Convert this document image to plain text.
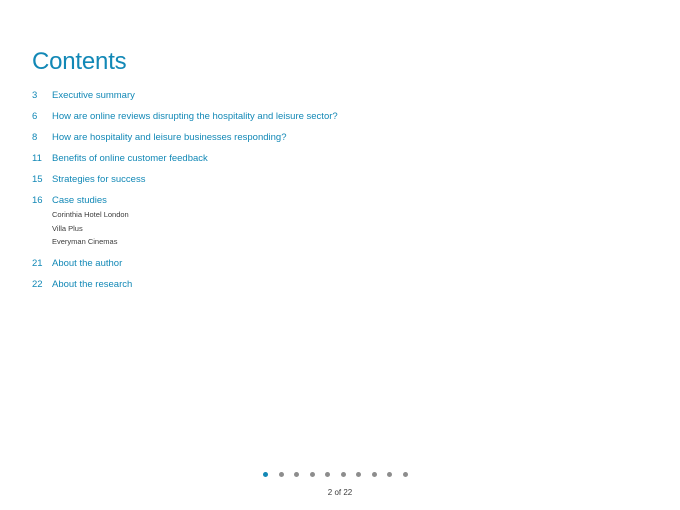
Contents
3	Executive summary
6	How are online reviews disrupting the hospitality and leisure sector?
8	How are hospitality and leisure businesses responding?
11	Benefits of online customer feedback
15 Strategies for success
16 Case studies
Corinthia Hotel London
Villa Plus
Everyman Cinemas
21 About the author
22 About the research
2 of 22
